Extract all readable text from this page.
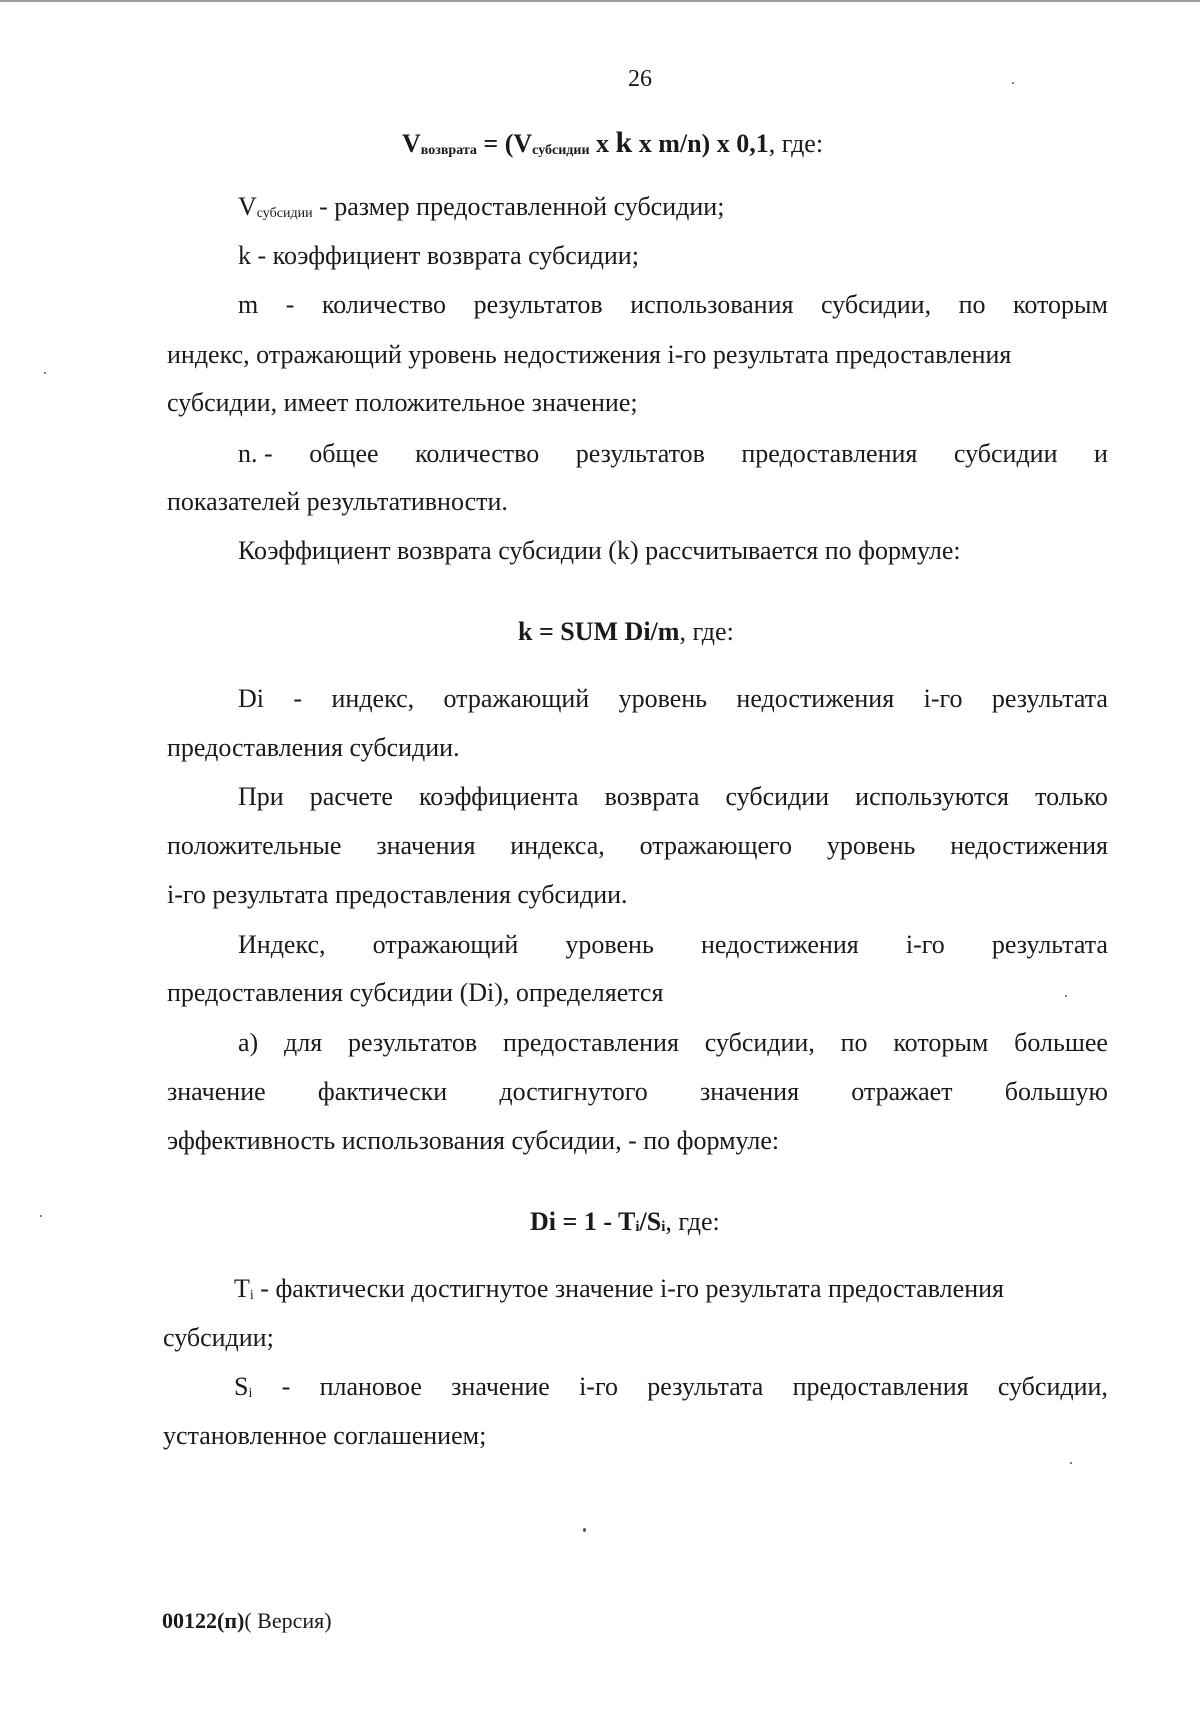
26
Vвозврата = (Vсубсидии x k x m/n) x 0,1, где:
Vсубсидии - размер предоставленной субсидии;
k - коэффициент возврата субсидии;
m - количество результатов использования субсидии, по которым
индекс, отражающий уровень недостижения i-го результата предоставления
субсидии, имеет положительное значение;
n. - общее количество результатов предоставления субсидии и
показателей результативности.
Коэффициент возврата субсидии (k) рассчитывается по формуле:
k = SUM Di/m, где:
Di - индекс, отражающий уровень недостижения i-го результата
предоставления субсидии.
При расчете коэффициента возврата субсидии используются только
положительные значения индекса, отражающего уровень недостижения
i-го результата предоставления субсидии.
Индекс, отражающий уровень недостижения i-го результата
предоставления субсидии (Di), определяется
а) для результатов предоставления субсидии, по которым большее
значение фактически достигнутого значения отражает большую
эффективность использования субсидии, - по формуле:
Di = 1 - Ti/Si, где:
Ti - фактически достигнутое значение i-го результата предоставления
субсидии;
Si - плановое значение i-го результата предоставления субсидии,
установленное соглашением;
00122(п)( Версия)
